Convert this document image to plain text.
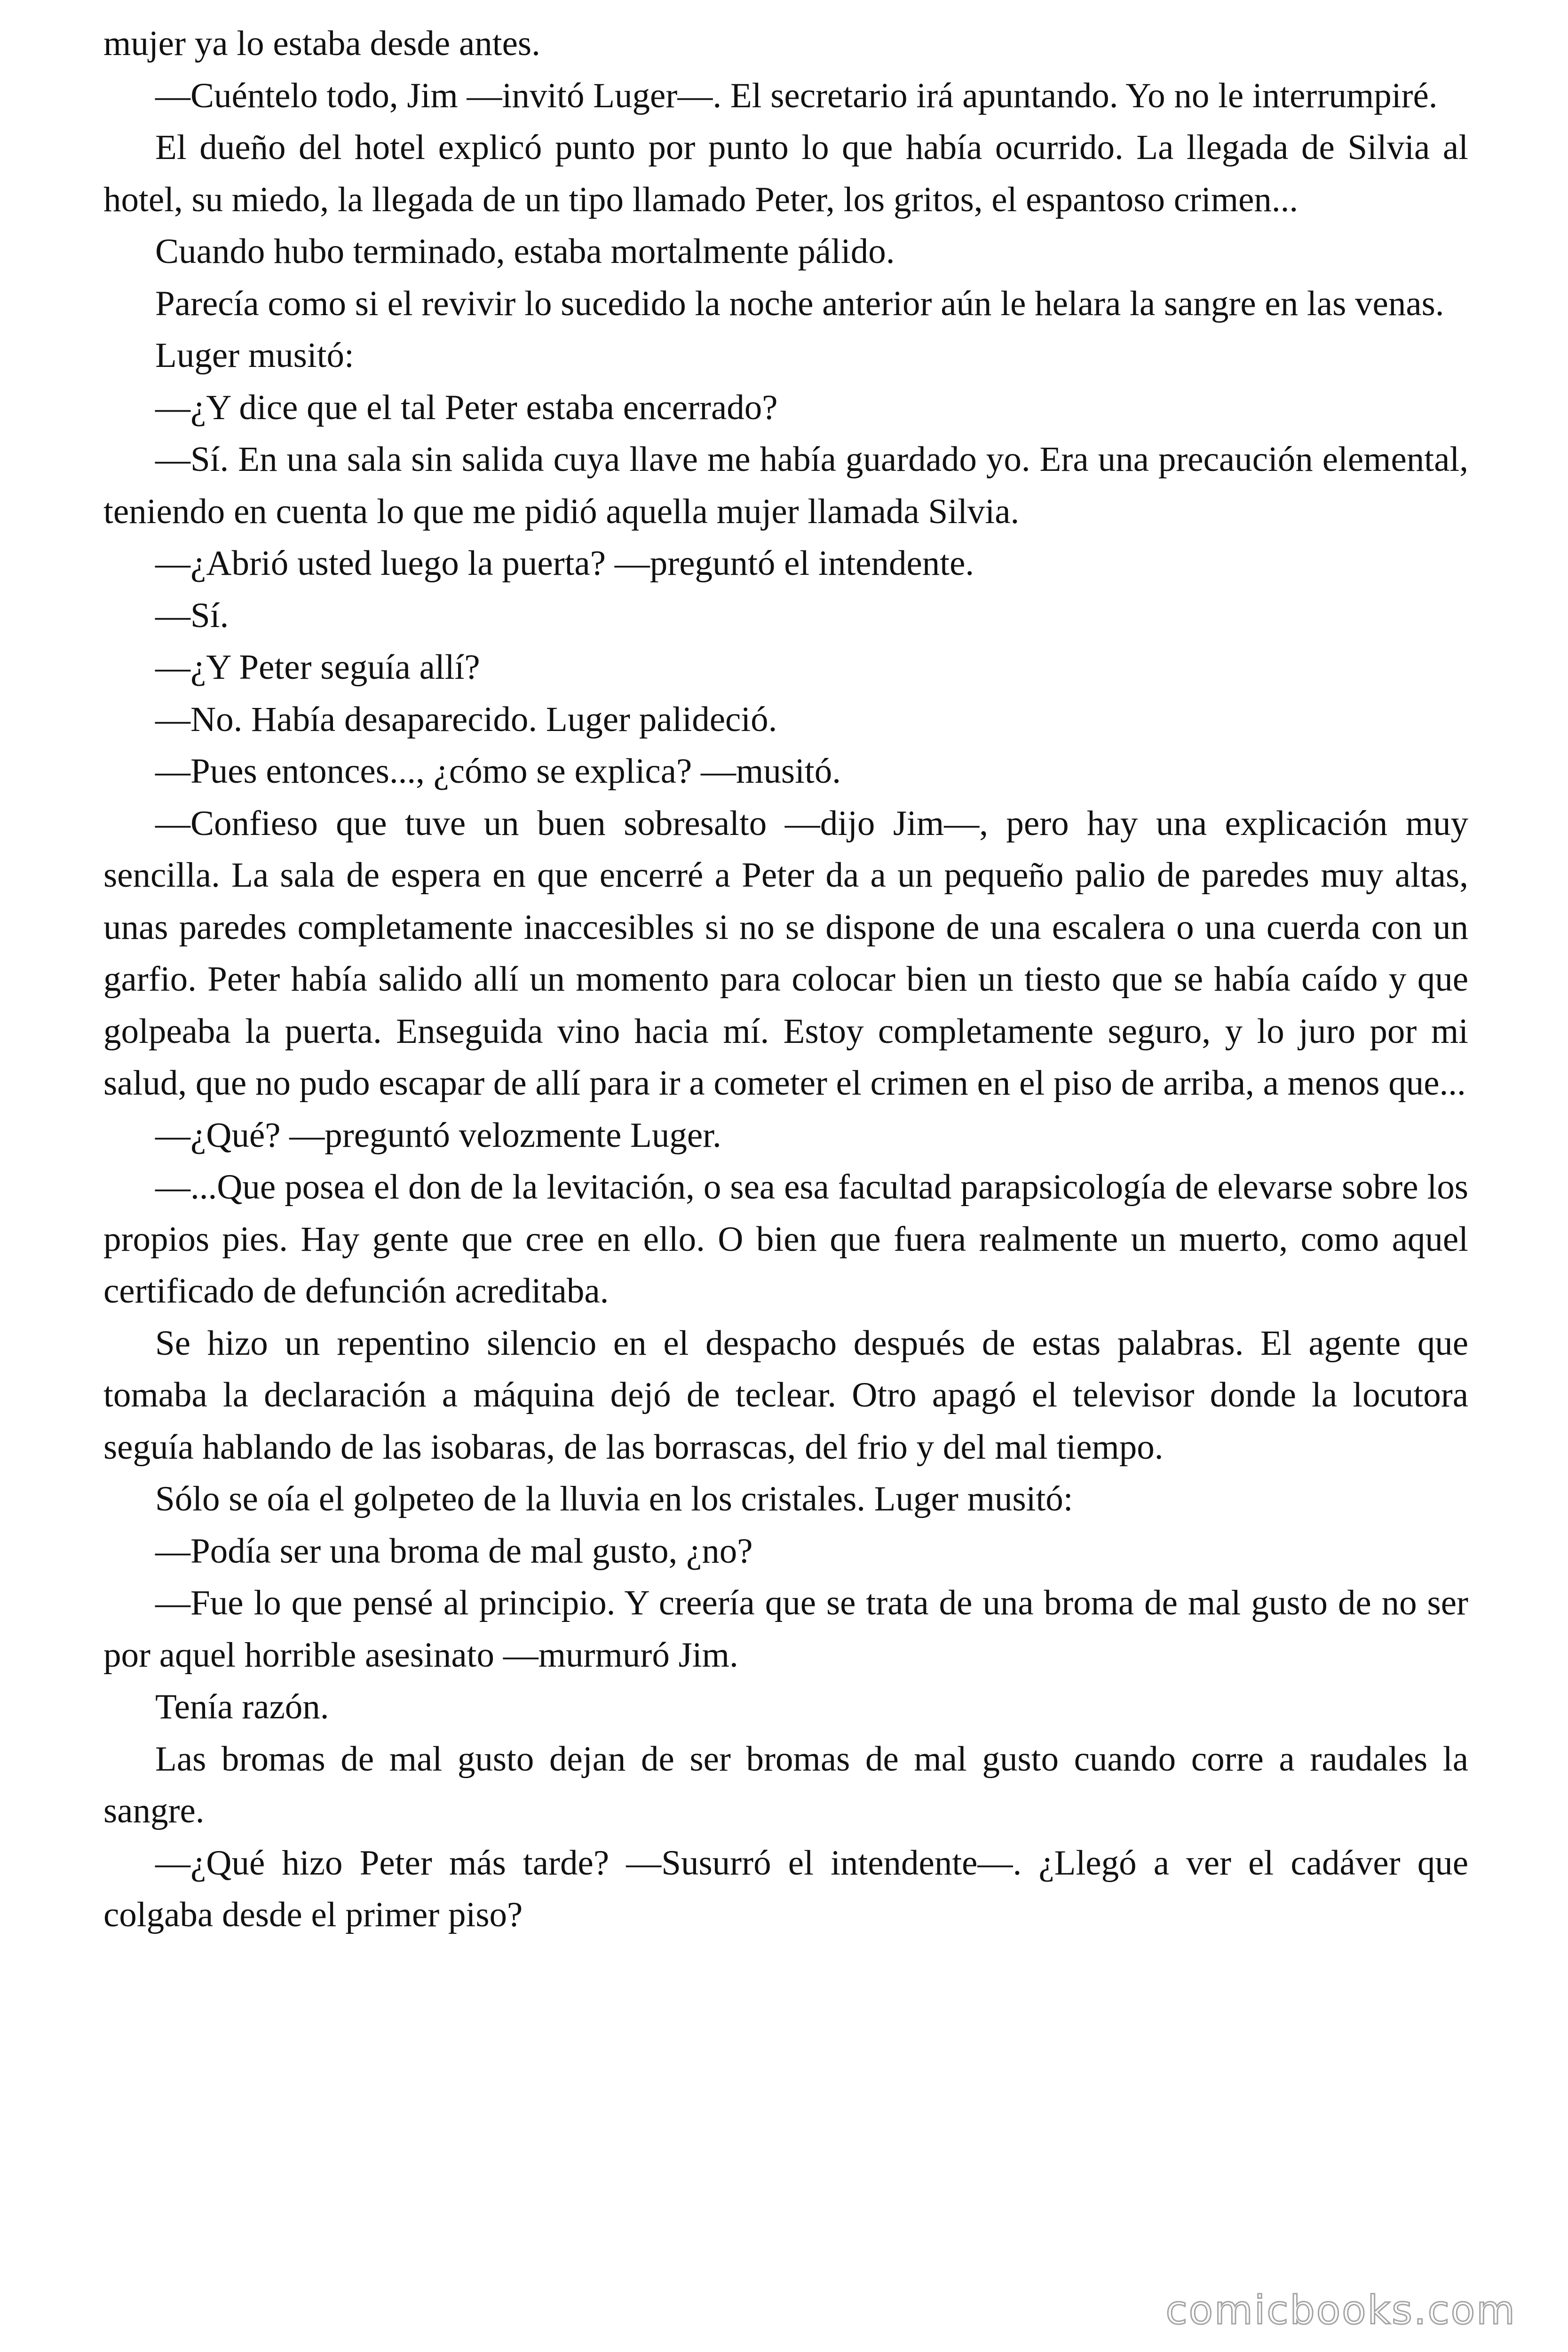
mujer ya lo estaba desde antes.

—Cuéntelo todo, Jim —invitó Luger—. El secretario irá apuntando. Yo no le interrumpiré.

El dueño del hotel explicó punto por punto lo que había ocurrido. La llegada de Silvia al hotel, su miedo, la llegada de un tipo llamado Peter, los gritos, el espantoso crimen...

Cuando hubo terminado, estaba mortalmente pálido.

Parecía como si el revivir lo sucedido la noche anterior aún le helara la sangre en las venas.

Luger musitó:

—¿Y dice que el tal Peter estaba encerrado?

—Sí. En una sala sin salida cuya llave me había guardado yo. Era una precaución elemental, teniendo en cuenta lo que me pidió aquella mujer llamada Silvia.

—¿Abrió usted luego la puerta? —preguntó el intendente.

—Sí.

—¿Y Peter seguía allí?

—No. Había desaparecido. Luger palideció.

—Pues entonces..., ¿cómo se explica? —musitó.

—Confieso que tuve un buen sobresalto —dijo Jim—, pero hay una explicación muy sencilla. La sala de espera en que encerré a Peter da a un pequeño palio de paredes muy altas, unas paredes completamente inaccesibles si no se dispone de una escalera o una cuerda con un garfio. Peter había salido allí un momento para colocar bien un tiesto que se había caído y que golpeaba la puerta. Enseguida vino hacia mí. Estoy completamente seguro, y lo juro por mi salud, que no pudo escapar de allí para ir a cometer el crimen en el piso de arriba, a menos que...

—¿Qué? —preguntó velozmente Luger.

—...Que posea el don de la levitación, o sea esa facultad parapsicología de elevarse sobre los propios pies. Hay gente que cree en ello. O bien que fuera realmente un muerto, como aquel certificado de defunción acreditaba.

Se hizo un repentino silencio en el despacho después de estas palabras. El agente que tomaba la declaración a máquina dejó de teclear. Otro apagó el televisor donde la locutora seguía hablando de las isobaras, de las borrascas, del frio y del mal tiempo.

Sólo se oía el golpeteo de la lluvia en los cristales. Luger musitó:

—Podía ser una broma de mal gusto, ¿no?

—Fue lo que pensé al principio. Y creería que se trata de una broma de mal gusto de no ser por aquel horrible asesinato —murmuró Jim.

Tenía razón.

Las bromas de mal gusto dejan de ser bromas de mal gusto cuando corre a raudales la sangre.

—¿Qué hizo Peter más tarde? —Susurró el intendente—. ¿Llegó a ver el cadáver que colgaba desde el primer piso?

comicbooks.com
